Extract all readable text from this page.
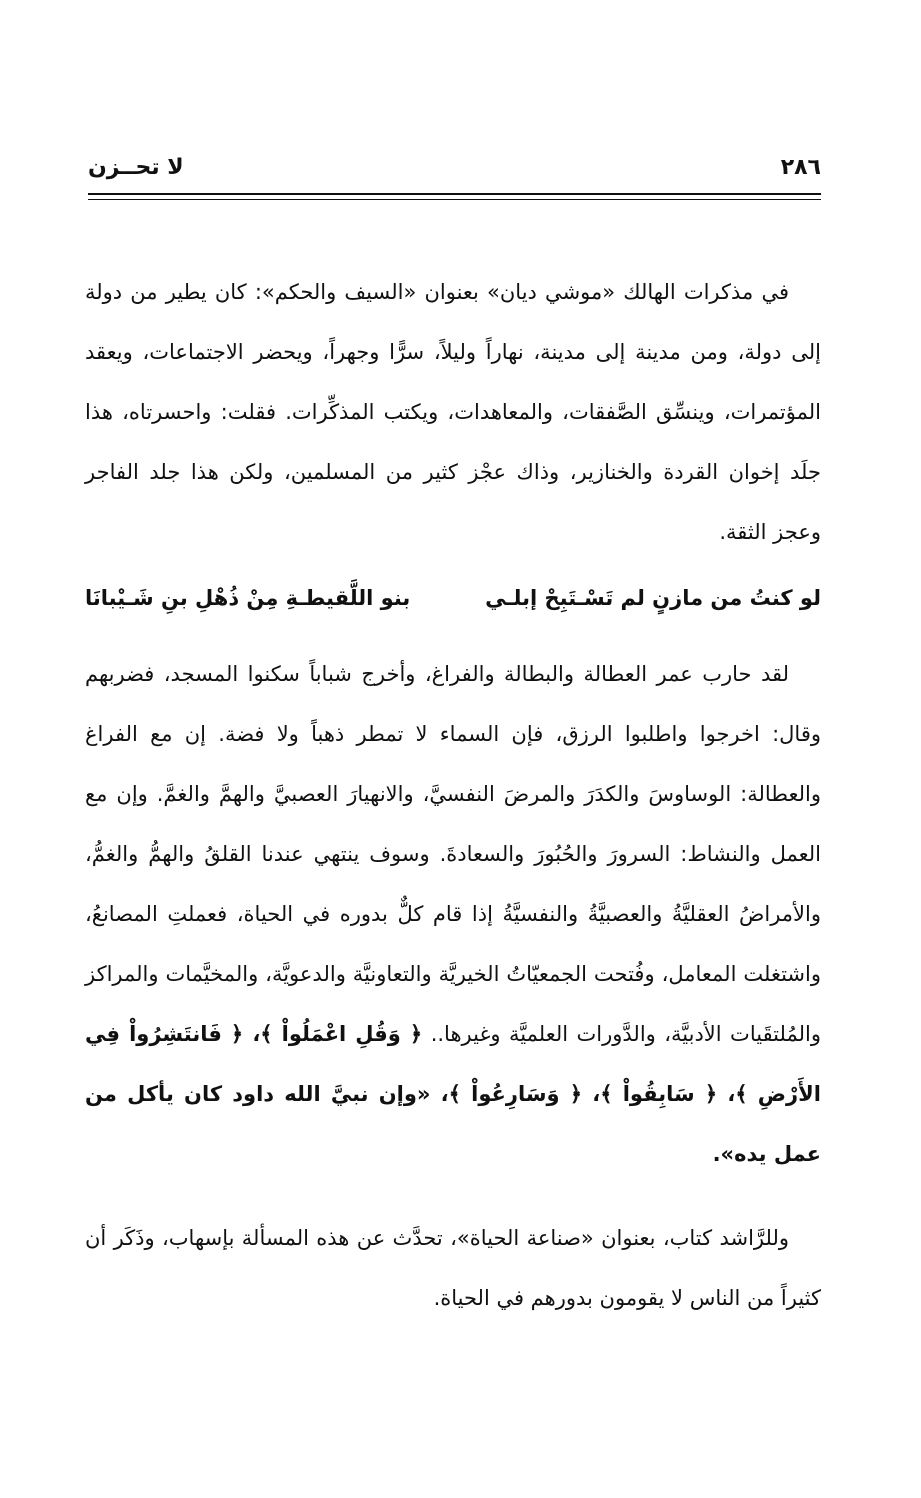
٢٨٦
لا تحــزن

في مذكرات الهالك «موشي ديان» بعنوان «السيف والحكم»: كان يطير من دولة إلى دولة، ومن مدينة إلى مدينة، نهاراً وليلاً، سرًّا وجهراً، ويحضر الاجتماعات، ويعقد المؤتمرات، وينسِّق الصَّفقات، والمعاهدات، ويكتب المذكِّرات. فقلت: واحسرتاه، هذا جلَد إخوان القردة والخنازير، وذاك عجْز كثير من المسلمين، ولكن هذا جلد الفاجر وعجز الثقة.

لو كنتُ من مازنٍ لم تَسْـتَبِحْ إبلـي
بنو اللَّقيطـةِ مِنْ ذُهْلِ بنِ شَـيْبانَا

لقد حارب عمر العطالة والبطالة والفراغ، وأخرج شباباً سكنوا المسجد، فضربهم وقال: اخرجوا واطلبوا الرزق، فإن السماء لا تمطر ذهباً ولا فضة. إن مع الفراغ والعطالة: الوساوسَ والكدَرَ والمرضَ النفسيَّ، والانهيارَ العصبيَّ والهمَّ والغمَّ. وإن مع العمل والنشاط: السرورَ والحُبُورَ والسعادةَ. وسوف ينتهي عندنا القلقُ والهمُّ والغمُّ، والأمراضُ العقليَّةُ والعصبيَّةُ والنفسيَّةُ إذا قام كلٌّ بدوره في الحياة، فعملتِ المصانعُ، واشتغلت المعامل، وفُتحت الجمعيّاتُ الخيريَّة والتعاونيَّة والدعويَّة، والمخيَّمات والمراكز والمُلتقَيات الأدبيَّة، والدَّورات العلميَّة وغيرها.. ﴿ وَقُلِ اعْمَلُواْ ﴾، ﴿ فَانتَشِرُواْ فِي الأَرْضِ ﴾، ﴿ سَابِقُواْ ﴾، ﴿ وَسَارِعُواْ ﴾، «وإن نبيَّ الله داود كان يأكل من عمل يده».

وللرَّاشد كتاب، بعنوان «صناعة الحياة»، تحدَّث عن هذه المسألة بإسهاب، وذَكَر أن كثيراً من الناس لا يقومون بدورهم في الحياة.
